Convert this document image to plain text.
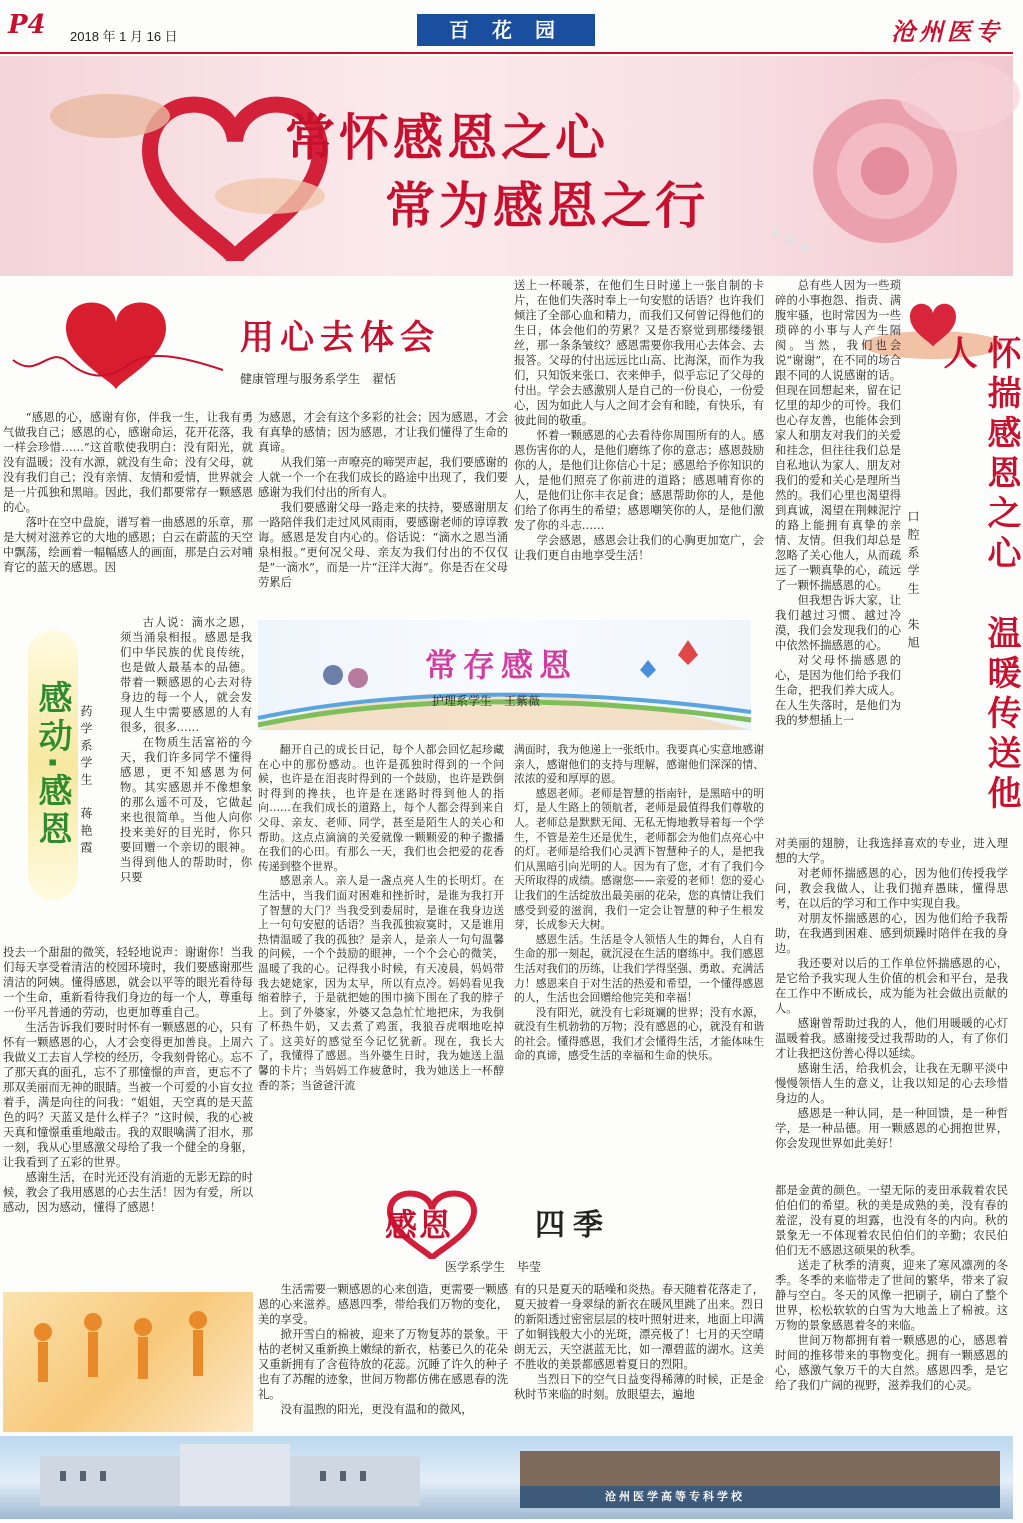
P4 2018 年 1 月 16 日	百 花 园	沧州医专
常怀感恩之心
常为感恩之行
用心去体会
健康管理与服务系学生　翟恬

“感恩的心，感谢有你，伴我一生，让我有勇气做我自己；感恩的心，感谢命运，花开花落，我一样会珍惜……”这首歌使我明白：没有阳光，就没有温暖；没有水源，就没有生命；没有父母，就没有我们自己；没有亲情、友情和爱情，世界就会是一片孤独和黑暗。因此，我们都要常存一颗感恩的心。

落叶在空中盘旋，谱写着一曲感恩的乐章，那是大树对滋养它的大地的感恩；白云在蔚蓝的天空中飘荡，绘画着一幅幅感人的画面，那是白云对哺育它的蓝天的感恩。因

为感恩，才会有这个多彩的社会；因为感恩，才会有真挚的感情；因为感恩，才让我们懂得了生命的真谛。

从我们第一声嘹亮的啼哭声起，我们要感谢的人就一个一个在我们成长的路途中出现了，我们要感谢为我们付出的所有人。

我们要感谢父母一路走来的扶持，要感谢朋友一路陪伴我们走过风风雨雨，要感谢老师的谆谆教诲。感恩是发自内心的。俗话说：“滴水之恩当涌泉相报。”更何况父母、亲友为我们付出的不仅仅是“一滴水”，而是一片“汪洋大海”。你是否在父母劳累后

送上一杯暖茶，在他们生日时递上一张自制的卡片，在他们失落时奉上一句安慰的话语？也许我们倾注了全部心血和精力，而我们又何曾记得他们的生日，体会他们的劳累？又是否察觉到那缕缕银丝，那一条条皱纹？感恩需要你我用心去体会、去报答。父母的付出远远比山高、比海深，而作为我们，只知饭来张口、衣来伸手，似乎忘记了父母的付出。学会去感激别人是自己的一份良心，一份爱心，因为如此人与人之间才会有和睦，有快乐，有彼此间的敬重。

怀着一颗感恩的心去看待你周围所有的人。感恩伤害你的人，是他们磨练了你的意志；感恩鼓励你的人，是他们让你信心十足；感恩给予你知识的人，是他们照亮了你前进的道路；感恩哺育你的人，是他们让你丰衣足食；感恩帮助你的人，是他们给了你再生的希望；感恩嘲笑你的人，是他们激发了你的斗志……

学会感恩，感恩会让我们的心胸更加宽广，会让我们更自由地享受生活！	怀揣感恩之心　温暖传送他人
口腔系学生　朱旭

总有些人因为一些琐碎的小事抱怨、指责、满腹牢骚，也时常因为一些琐碎的小事与人产生隔阂。当然，我们也会说“谢谢”，在不同的场合跟不同的人说感谢的话。但现在回想起来，留在记忆里的却少的可怜。我们也心存友善，也能体会到家人和朋友对我们的关爱和挂念，但往往我们总是自私地认为家人、朋友对我们的爱和关心是理所当然的。我们心里也渴望得到真诚，渴望在荆棘泥泞的路上能拥有真挚的亲情、友情。但我们却总是忽略了关心他人，从而疏远了一颗真挚的心，疏远了一颗怀揣感恩的心。

但我想告诉大家，让我们越过习惯、越过冷漠，我们会发现我们的心中依然怀揣感恩的心。

对父母怀揣感恩的心，是因为他们给予我们生命，把我们养大成人。在人生失落时，是他们为我的梦想插上一

对美丽的翅膀，让我选择喜欢的专业，进入理想的大学。

对老师怀揣感恩的心，因为他们传授我学问，教会我做人，让我们抛弃愚昧，懂得思考，在以后的学习和工作中实现自我。

对朋友怀揣感恩的心，因为他们给予我帮助，在我遇到困难、感到烦躁时陪伴在我的身边。

我还要对以后的工作单位怀揣感恩的心，是它给予我实现人生价值的机会和平台，是我在工作中不断成长，成为能为社会做出贡献的人。

感谢曾帮助过我的人，他们用暖暖的心灯温暖着我。感谢接受过我帮助的人，有了你们才让我把这份善心得以延续。

感谢生活，给我机会，让我在无聊平淡中慢慢领悟人生的意义，让我以知足的心去珍惜身边的人。

感恩是一种认同，是一种回馈，是一种哲学，是一种品德。用一颗感恩的心拥抱世界，你会发现世界如此美好！

感动·感恩 药学系学生　蒋艳霞

古人说：滴水之恩，须当涌泉相报。感恩是我们中华民族的优良传统，也是做人最基本的品德。带着一颗感恩的心去对待身边的每一个人，就会发现人生中需要感恩的人有很多，很多……

在物质生活富裕的今天，我们许多同学不懂得感恩，更不知感恩为何物。其实感恩并不像想象的那么遥不可及，它做起来也很简单。当他人向你投来美好的目光时，你只要回赠一个亲切的眼神。当得到他人的帮助时，你只要

投去一个甜甜的微笑，轻轻地说声：谢谢你！当我们每天享受着清洁的校园环境时，我们要感谢那些清洁的阿姨。懂得感恩，就会以平等的眼光看待每一个生命，重新看待我们身边的每一个人，尊重每一份平凡普通的劳动，也更加尊重自己。

生活告诉我们要时时怀有一颗感恩的心，只有怀有一颗感恩的心，人才会变得更加善良。上周六我做义工去盲人学校的经历，令我刻骨铭心。忘不了那天真的面孔，忘不了那憧憬的声音，更忘不了那双美丽而无神的眼睛。当被一个可爱的小盲女拉着手，满是向往的问我：“姐姐，天空真的是天蓝色的吗？天蓝又是什么样子？”这时候，我的心被天真和憧憬重重地敲击。我的双眼噙满了泪水，那一刻，我从心里感激父母给了我一个健全的身躯，让我看到了五彩的世界。

感谢生活，在时光还没有消逝的无影无踪的时候，教会了我用感恩的心去生活！因为有爱，所以感动，因为感动，懂得了感恩！

常存感恩
护理系学生　王紫薇

翻开自己的成长日记，每个人都会回忆起珍藏在心中的那份感动。也许是孤独时得到的一个问候，也许是在泪丧时得到的一个鼓励，也许是跌倒时得到的搀扶，也许是在迷路时得到他人的指向……在我们成长的道路上，每个人都会得到来自父母、亲友、老师、同学，甚至是陌生人的关心和帮助。这点点滴滴的关爱就像一颗颗爱的种子撒播在我们的心田。有那么一天，我们也会把爱的花香传递到整个世界。

感恩亲人。亲人是一盏点亮人生的长明灯。在生活中，当我们面对困难和挫折时，是谁为我打开了智慧的大门？当我受到委屈时，是谁在我身边送上一句句安慰的话语？当我孤独寂寞时，又是谁用热情温暖了我的孤独？是亲人，是亲人一句句温馨的问候，一个个鼓励的眼神，一个个会心的微笑，温暖了我的心。记得我小时候，有天凌晨，妈妈带我去姥姥家，因为太早，所以有点冷。妈妈看见我缩着脖子，于是就把她的围巾摘下围在了我的脖子上。到了外婆家，外婆又急急忙忙地把床，为我倒了杯热牛奶，又去煮了鸡蛋，我狼吞虎咽地吃掉了。这美好的感觉至今记忆犹新。现在，我长大了，我懂得了感恩。当外婆生日时，我为她送上温馨的卡片；当妈妈工作疲惫时，我为她送上一杯醇香的茶；当爸爸汗流

满面时，我为他递上一张纸巾。我要真心实意地感谢亲人，感谢他们的支持与理解，感谢他们深深的情、浓浓的爱和厚厚的恩。

感恩老师。老师是智慧的指南针，是黑暗中的明灯，是人生路上的领航者，老师是最值得我们尊敬的人。老师总是默默无闻、无私无悔地教导着每一个学生，不管是差生还是优生，老师都会为他们点亮心中的灯。老师是给我们心灵洒下智慧种子的人，是把我们从黑暗引向光明的人。因为有了您，才有了我们今天所取得的成绩。感谢您——亲爱的老师！您的爱心让我们的生活绽放出最美丽的花朵，您的真情让我们感受到爱的滋润，我们一定会让智慧的种子生根发芽，长成参天大树。

感恩生活。生活是令人领悟人生的舞台，人自有生命的那一刻起，就沉浸在生活的磨练中。我们感恩生活对我们的历练，让我们学得坚强、勇敢、充满活力！感恩来自于对生活的热爱和希望，一个懂得感恩的人，生活也会回赠给他完美和幸福！

没有阳光，就没有七彩斑斓的世界；没有水源，就没有生机勃勃的万物；没有感恩的心，就没有和谐的社会。懂得感恩，我们才会懂得生活，才能体味生命的真谛，感受生活的幸福和生命的快乐。

感恩	四季
医学系学生　毕莹

生活需要一颗感恩的心来创造，更需要一颗感恩的心来滋养。感恩四季，带给我们万物的变化，美的享受。

掀开雪白的棉被，迎来了万物复苏的景象。干枯的老树又重新换上嫩绿的新衣，枯萎已久的花朵又重新拥有了含苞待放的花蕊。沉睡了许久的种子也有了苏醒的迹象，世间万物都仿佛在感恩春的洗礼。

没有温煦的阳光，更没有温和的微风，

有的只是夏天的聒噪和炎热。春天随着花落走了，夏天披着一身翠绿的新衣在暖风里跳了出来。烈日的新阳透过密密层层的枝叶照射进来，地面上印满了如铜钱般大小的光斑，漂亮极了！七月的天空晴朗无云，天空湛蓝无比，如一潭碧蓝的湖水。这美不胜收的美景都感恩着夏日的烈阳。

当烈日下的空气日益变得稀薄的时候，正是金秋时节来临的时刻。放眼望去，遍地

都是金黄的颜色。一望无际的麦田承载着农民伯伯们的希望。秋的美是成熟的美，没有春的羞涩，没有夏的坦露，也没有冬的内向。秋的景象无一不体现着农民伯伯们的辛勤；农民伯伯们无不感恩这硕果的秋季。

送走了秋季的清爽，迎来了寒风凛冽的冬季。冬季的来临带走了世间的繁华，带来了寂静与空白。冬天的风像一把刷子，刷白了整个世界，松松软软的白雪为大地盖上了棉被。这万物的景象感恩着冬的来临。

世间万物都拥有着一颗感恩的心，感恩着时间的推移带来的事物变化。拥有一颗感恩的心，感激气象万千的大自然。感恩四季，是它给了我们广阔的视野，滋养我们的心灵。

沧州医学高等专科学校
